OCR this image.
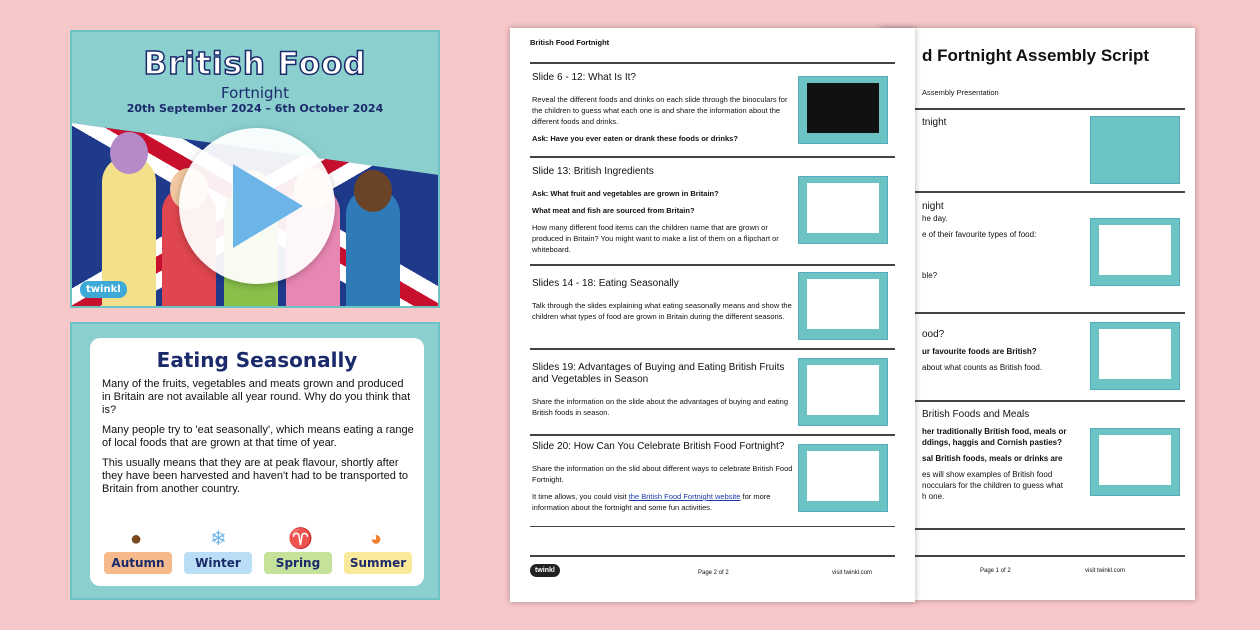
British Food
Fortnight
20th September 2024 – 6th October 2024
twinkl
Eating Seasonally
Many of the fruits, vegetables and meats grown and produced in Britain are not available all year round. Why do you think that is?
Many people try to 'eat seasonally', which means eating a range of local foods that are grown at that time of year.
This usually means that they are at peak flavour, shortly after they have been harvested and haven't had to be transported to Britain from another country.
●	❄	♈	◕
Autumn	Winter	Spring	Summer
d Fortnight Assembly Script
Assembly Presentation
tnight
night
he day.
e of their favourite types of food:
ble?
ood?
ur favourite foods are British?
about what counts as British food.
British Foods and Meals
her traditionally British food, meals or
ddings, haggis and Cornish pasties?
sal British foods, meals or drinks are
es will show examples of British food
nocculars for the children to guess what
h one.
Page 1 of 2	visit twinkl.com
British Food Fortnight
Slide 6 - 12: What Is It?

Reveal the different foods and drinks on each slide through the binoculars for the children to guess what each one is and share the information about the different foods and drinks.

Ask: Have you ever eaten or drank these foods or drinks?

Slide 13: British Ingredients

Ask: What fruit and vegetables are grown in Britain?

What meat and fish are sourced from Britain?

How many different food items can the children name that are grown or produced in Britain? You might want to make a list of them on a flipchart or whiteboard.

Slides 14 - 18: Eating Seasonally

Talk through the slides explaining what eating seasonally means and show the children what types of food are grown in Britain during the different seasons.

Slides 19: Advantages of Buying and Eating British Fruits and Vegetables in Season

Share the information on the slide about the advantages of buying and eating British foods in season.

Slide 20: How Can You Celebrate British Food Fortnight?

Share the information on the slid about different ways to celebrate British Food Fortnight.

It time allows, you could visit the British Food Fortnight website for more information about the fortnight and some fun activities.

twinkl	Page 2 of 2	visit twinkl.com
